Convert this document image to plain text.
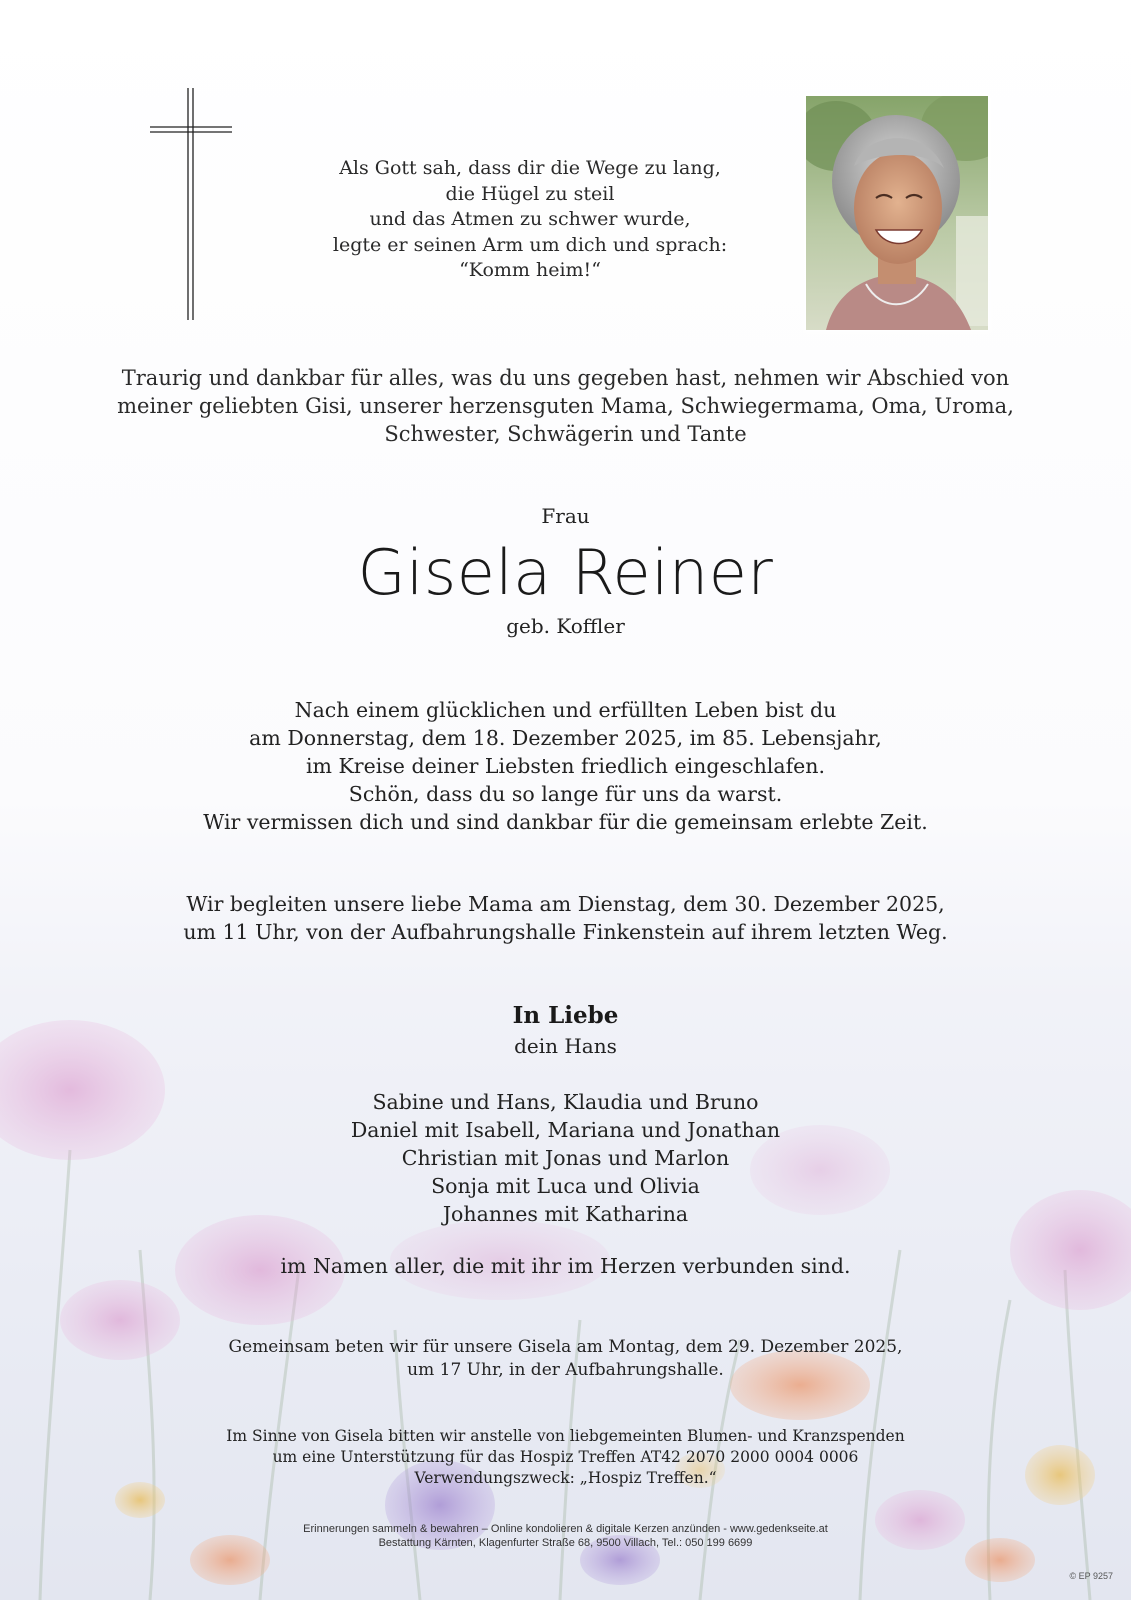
Als Gott sah, dass dir die Wege zu lang,
die Hügel zu steil
und das Atmen zu schwer wurde,
legte er seinen Arm um dich und sprach:
“Komm heim!“
Traurig und dankbar für alles, was du uns gegeben hast, nehmen wir Abschied von
meiner geliebten Gisi, unserer herzensguten Mama, Schwiegermama, Oma, Uroma,
Schwester, Schwägerin und Tante
Frau
Gisela Reiner
geb. Koffler
Nach einem glücklichen und erfüllten Leben bist du
am Donnerstag, dem 18. Dezember 2025, im 85. Lebensjahr,
im Kreise deiner Liebsten friedlich eingeschlafen.
Schön, dass du so lange für uns da warst.
Wir vermissen dich und sind dankbar für die gemeinsam erlebte Zeit.
Wir begleiten unsere liebe Mama am Dienstag, dem 30. Dezember 2025,
um 11 Uhr, von der Aufbahrungshalle Finkenstein auf ihrem letzten Weg.
In Liebe
dein Hans
Sabine und Hans, Klaudia und Bruno
Daniel mit Isabell, Mariana und Jonathan
Christian mit Jonas und Marlon
Sonja mit Luca und Olivia
Johannes mit Katharina
im Namen aller, die mit ihr im Herzen verbunden sind.
Gemeinsam beten wir für unsere Gisela am Montag, dem 29. Dezember 2025,
um 17 Uhr, in der Aufbahrungshalle.
Im Sinne von Gisela bitten wir anstelle von liebgemeinten Blumen- und Kranzspenden
um eine Unterstützung für das Hospiz Treffen AT42 2070 2000 0004 0006
Verwendungszweck: „Hospiz Treffen.“
Erinnerungen sammeln & bewahren – Online kondolieren & digitale Kerzen anzünden - www.gedenkseite.at
Bestattung Kärnten, Klagenfurter Straße 68, 9500 Villach, Tel.: 050 199 6699
© EP 9257
